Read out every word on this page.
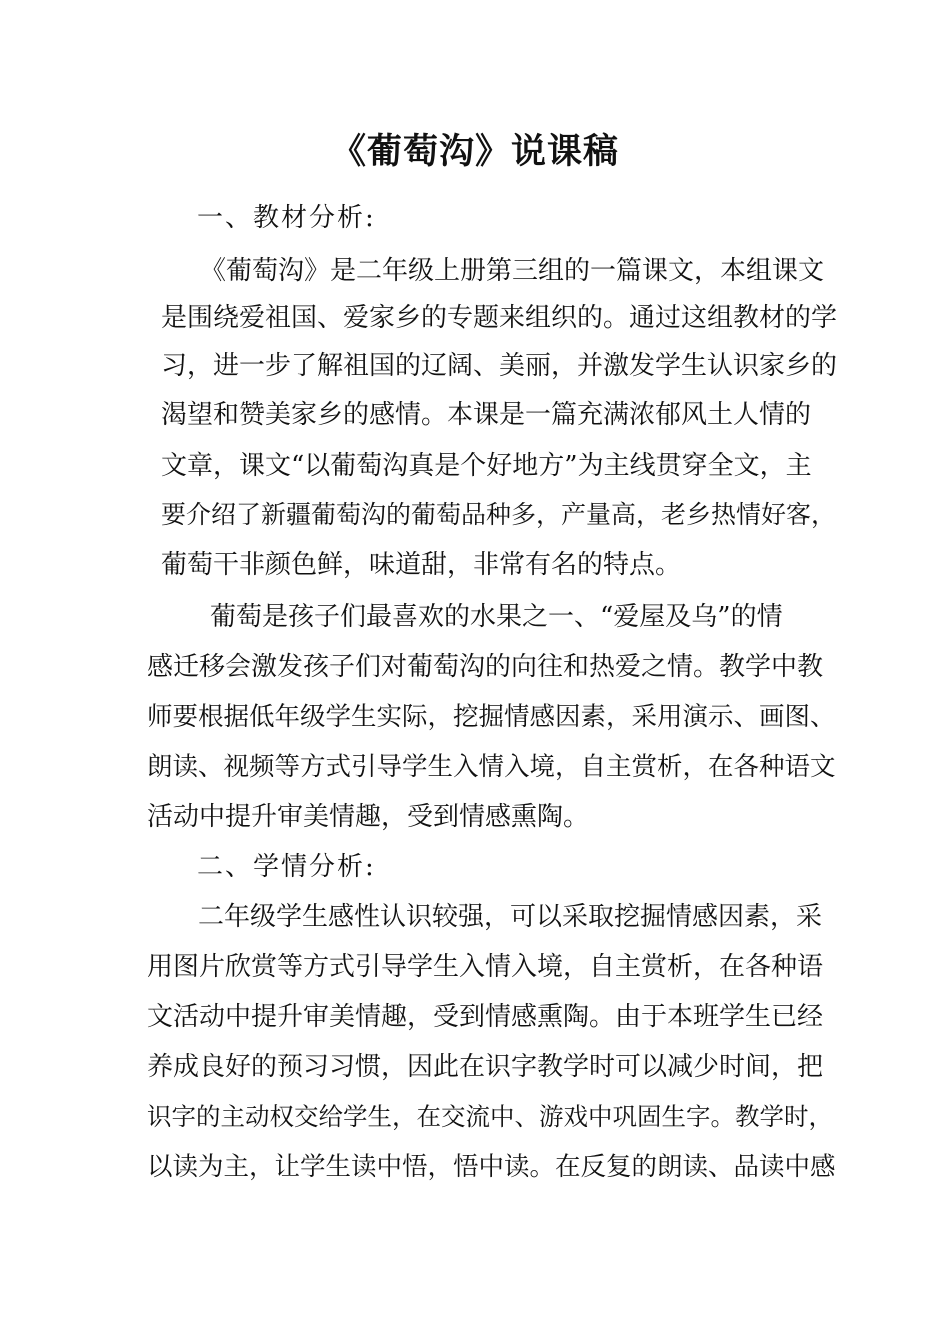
《葡萄沟》说课稿

一、教材分析:

《葡萄沟》是二年级上册第三组的一篇课文，本组课文

是围绕爱祖国、爱家乡的专题来组织的。通过这组教材的学

习，进一步了解祖国的辽阔、美丽，并激发学生认识家乡的

渴望和赞美家乡的感情。本课是一篇充满浓郁风土人情的

文章，课文“以葡萄沟真是个好地方”为主线贯穿全文，主

要介绍了新疆葡萄沟的葡萄品种多，产量高，老乡热情好客，

葡萄干非颜色鲜，味道甜，非常有名的特点。

葡萄是孩子们最喜欢的水果之一、“爱屋及乌”的情

感迁移会激发孩子们对葡萄沟的向往和热爱之情。教学中教

师要根据低年级学生实际，挖掘情感因素，采用演示、画图、

朗读、视频等方式引导学生入情入境，自主赏析，在各种语文

活动中提升审美情趣，受到情感熏陶。

二、学情分析:

二年级学生感性认识较强，可以采取挖掘情感因素，采

用图片欣赏等方式引导学生入情入境，自主赏析，在各种语

文活动中提升审美情趣，受到情感熏陶。由于本班学生已经

养成良好的预习习惯，因此在识字教学时可以减少时间，把

识字的主动权交给学生，在交流中、游戏中巩固生字。教学时，

以读为主，让学生读中悟，悟中读。在反复的朗读、品读中感
